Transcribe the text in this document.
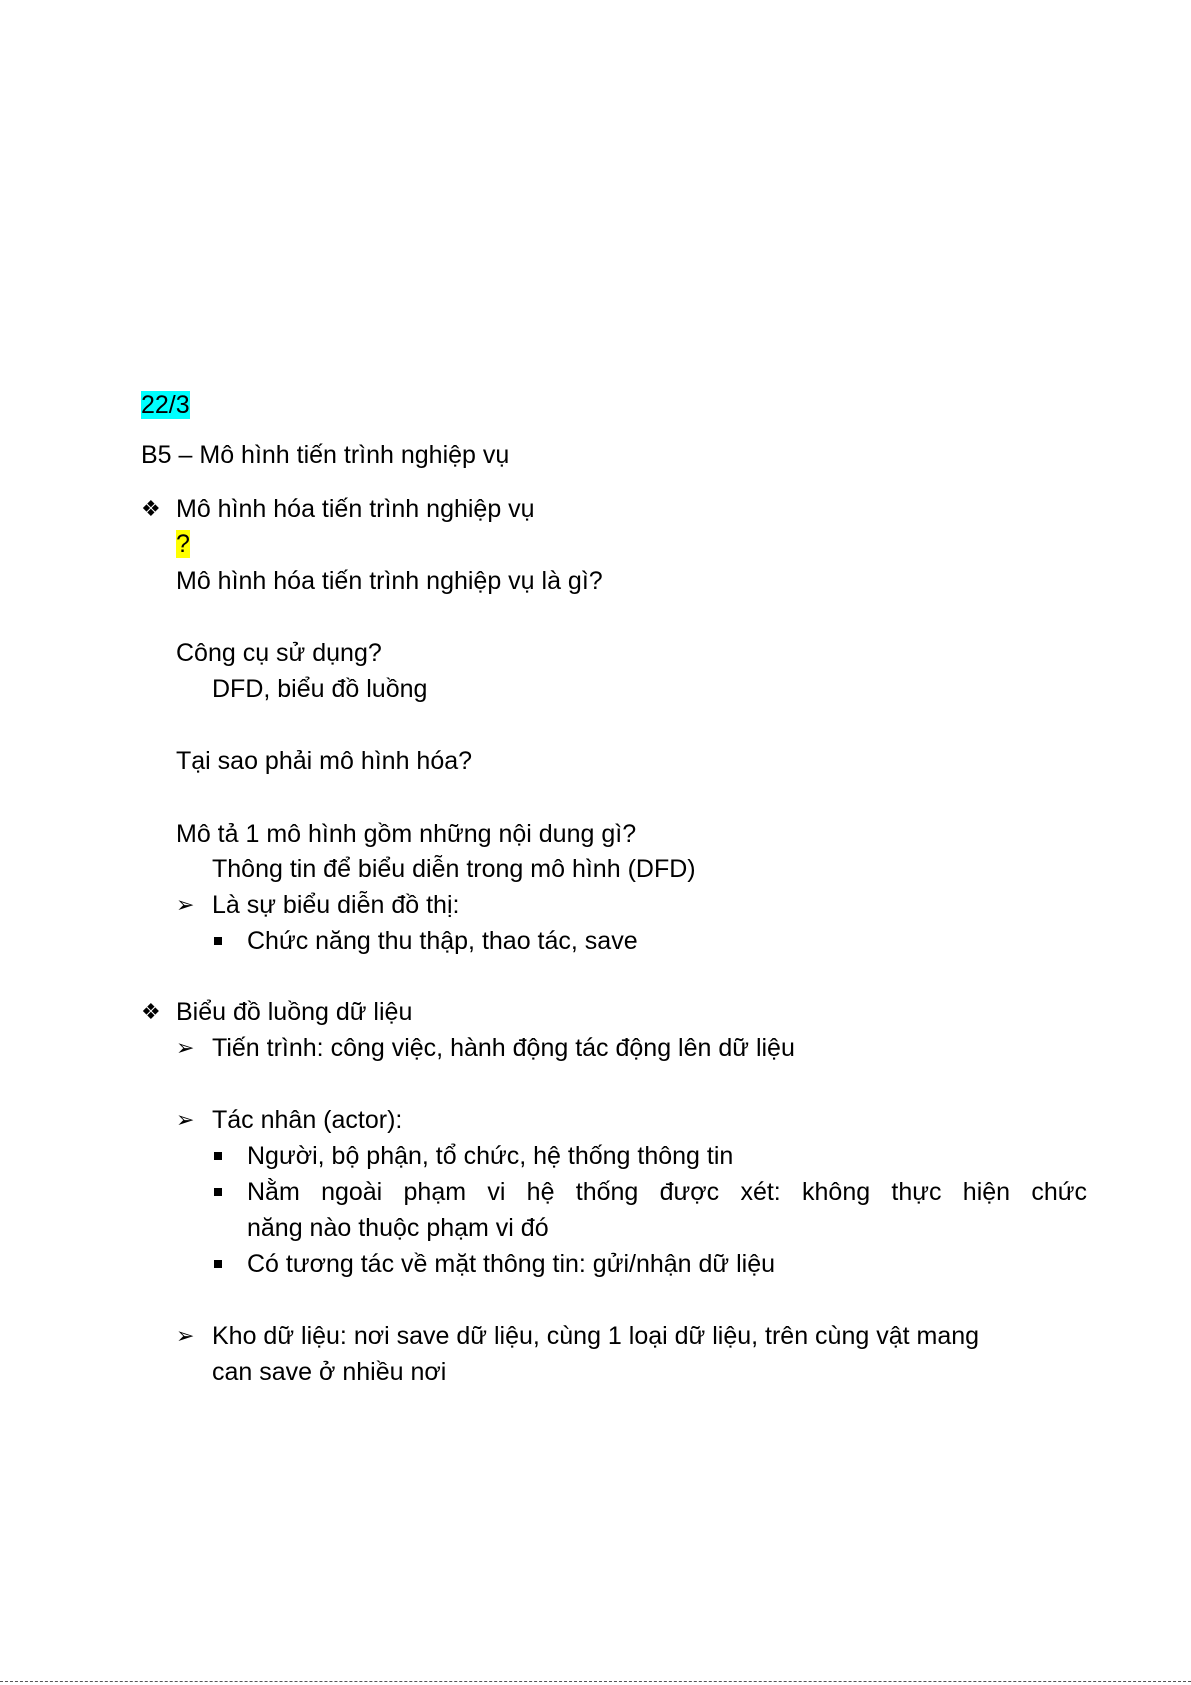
22/3
B5 – Mô hình tiến trình nghiệp vụ
❖ Mô hình hóa tiến trình nghiệp vụ
?
Mô hình hóa tiến trình nghiệp vụ là gì?
Công cụ sử dụng?
DFD, biểu đồ luồng
Tại sao phải mô hình hóa?
Mô tả 1 mô hình gồm những nội dung gì?
Thông tin để biểu diễn trong mô hình (DFD)
➢ Là sự biểu diễn đồ thị:
Chức năng thu thập, thao tác, save
❖ Biểu đồ luồng dữ liệu
➢ Tiến trình: công việc, hành động tác động lên dữ liệu
➢ Tác nhân (actor):
Người, bộ phận, tổ chức, hệ thống thông tin
Nằm ngoài phạm vi hệ thống được xét: không thực hiện chức
năng nào thuộc phạm vi đó
Có tương tác về mặt thông tin: gửi/nhận dữ liệu
➢ Kho dữ liệu: nơi save dữ liệu, cùng 1 loại dữ liệu, trên cùng vật mang
can save ở nhiều nơi
